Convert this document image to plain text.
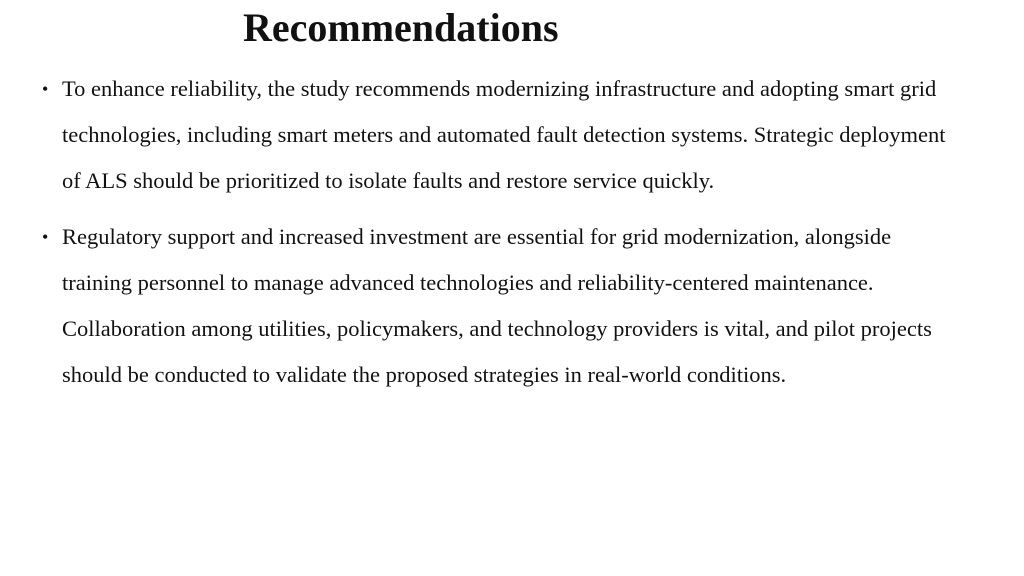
Recommendations
• To enhance reliability, the study recommends modernizing infrastructure and adopting smart grid technologies, including smart meters and automated fault detection systems. Strategic deployment of ALS should be prioritized to isolate faults and restore service quickly.
• Regulatory support and increased investment are essential for grid modernization, alongside training personnel to manage advanced technologies and reliability-centered maintenance. Collaboration among utilities, policymakers, and technology providers is vital, and pilot projects should be conducted to validate the proposed strategies in real-world conditions.
